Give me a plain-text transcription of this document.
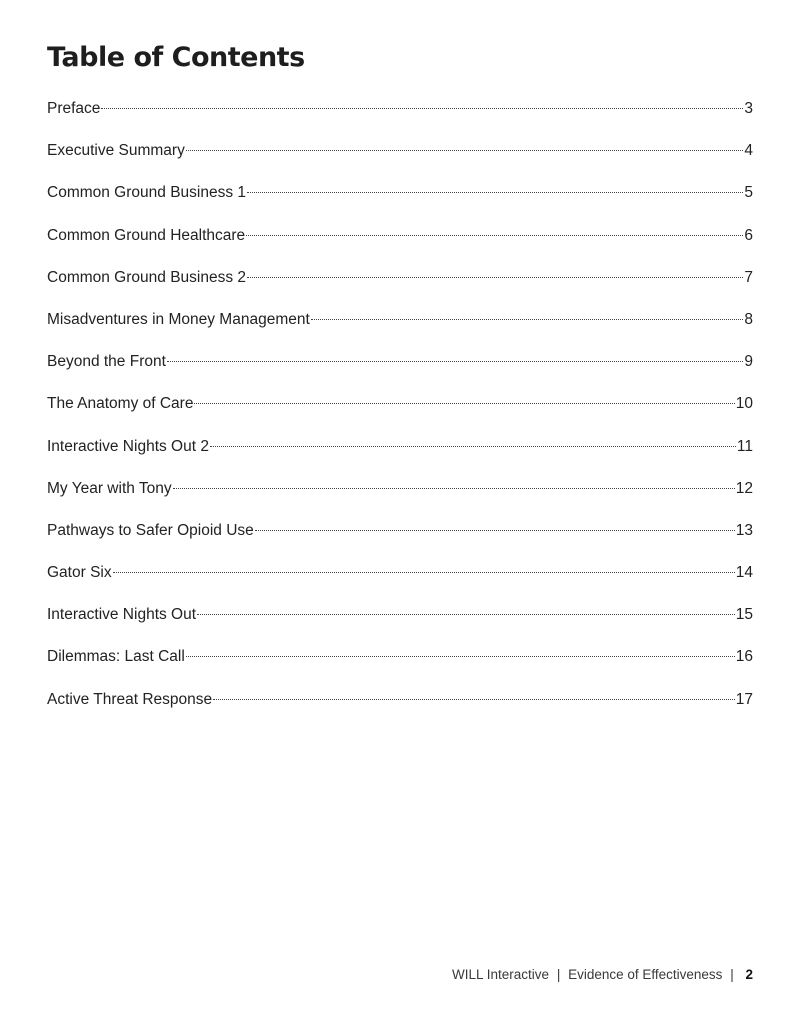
Table of Contents
Preface	3
Executive Summary	4
Common Ground Business 1	5
Common Ground Healthcare	6
Common Ground Business 2	7
Misadventures in Money Management	8
Beyond the Front	9
The Anatomy of Care	10
Interactive Nights Out 2	11
My Year with Tony	12
Pathways to Safer Opioid Use	13
Gator Six	14
Interactive Nights Out	15
Dilemmas: Last Call	16
Active Threat Response	17
WILL Interactive | Evidence of Effectiveness | 2
